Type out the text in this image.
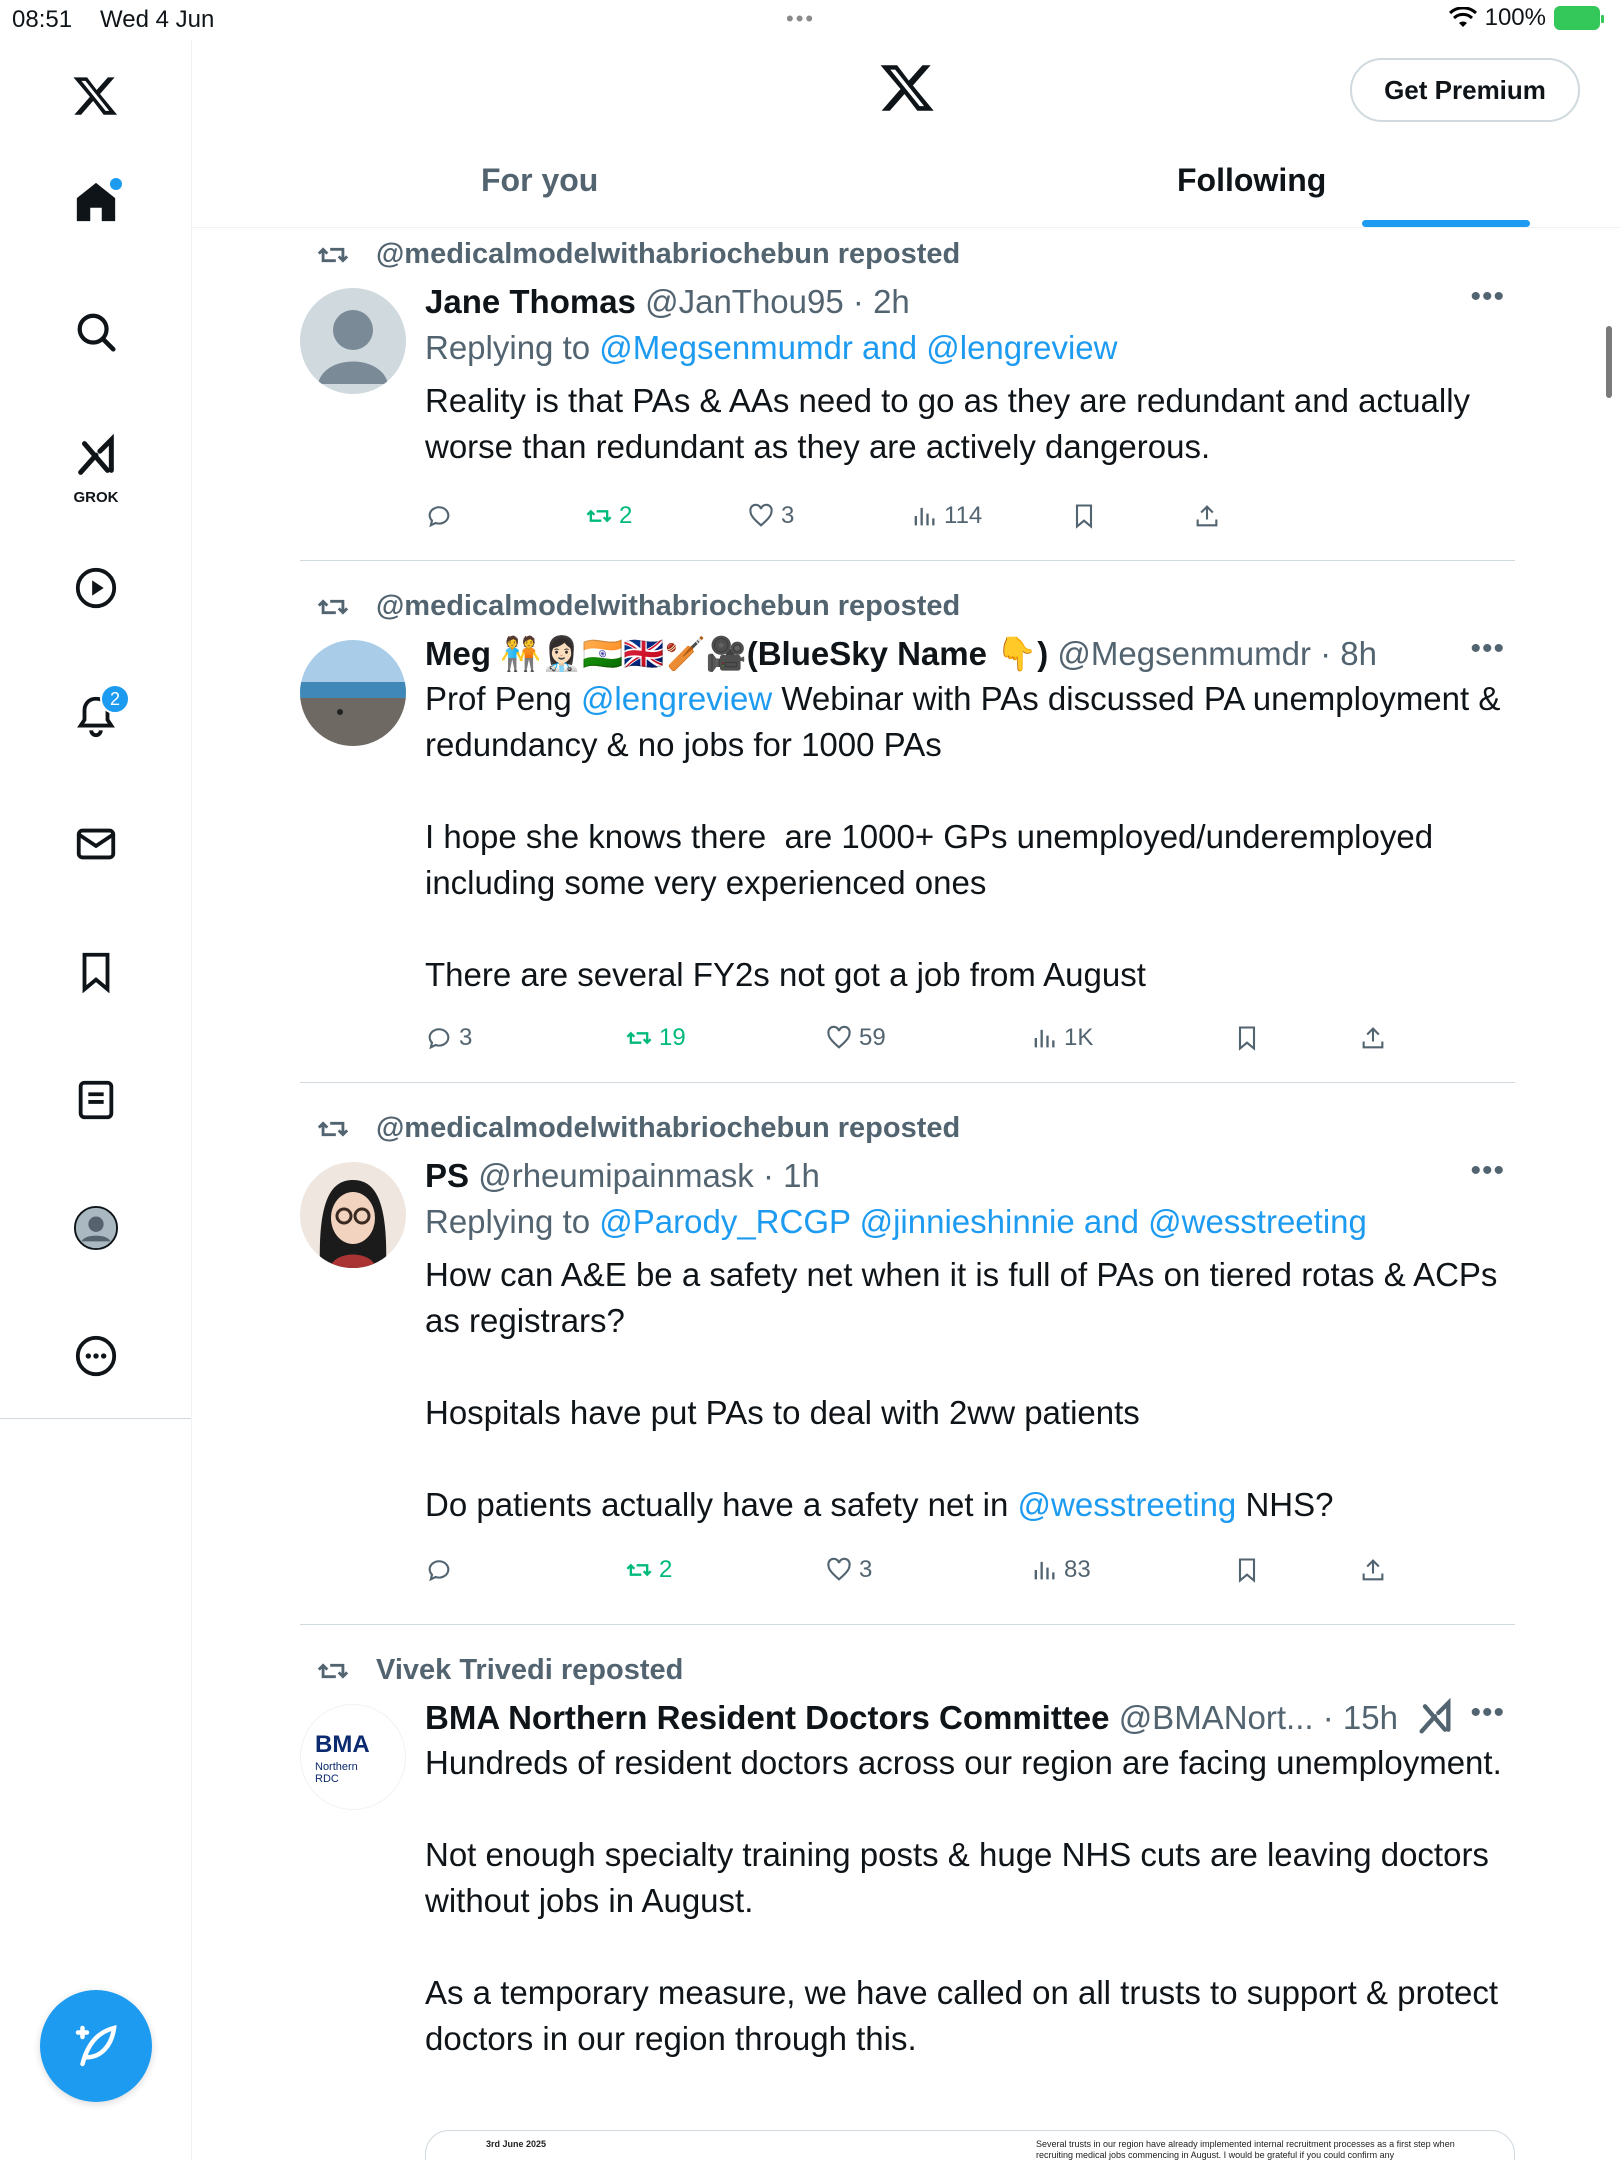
08:51 Wed 4 Jun	•••	100%
GROK
2
Get Premium
For you	Following
@medicalmodelwithabriochebun reposted
Jane Thomas @JanThou95 · 2h	•••
Replying to @Megsenmumdr and @lengreview
Reality is that PAs & AAs need to go as they are redundant and actually worse than redundant as they are actively dangerous.
2	3	114
@medicalmodelwithabriochebun reposted
Meg 🧑‍🤝‍🧑👩🏻‍⚕️🇮🇳🇬🇧🏏🎥(BlueSky Name 👇) @Megsenmumdr · 8h	•••
Prof Peng @lengreview Webinar with PAs discussed PA unemployment & redundancy & no jobs for 1000 PAs

I hope she knows there  are 1000+ GPs unemployed/underemployed including some very experienced ones

There are several FY2s not got a job from August
3	19	59	1K
@medicalmodelwithabriochebun reposted
PS @rheumipainmask · 1h	•••
Replying to @Parody_RCGP @jinnieshinnie and @wesstreeting
How can A&E be a safety net when it is full of PAs on tiered rotas & ACPs as registrars?

Hospitals have put PAs to deal with 2ww patients

Do patients actually have a safety net in @wesstreeting NHS?
2	3	83
Vivek Trivedi reposted
BMA
Northern RDC
BMA Northern Resident Doctors Committee @BMANort... · 15h	•••
Hundreds of resident doctors across our region are facing unemployment.

Not enough specialty training posts & huge NHS cuts are leaving doctors without jobs in August.

As a temporary measure, we have called on all trusts to support & protect doctors in our region through this.
3rd June 2025	Several trusts in our region have already implemented internal recruitment processes as a first step when recruiting medical jobs commencing in August. I would be grateful if you could confirm any
